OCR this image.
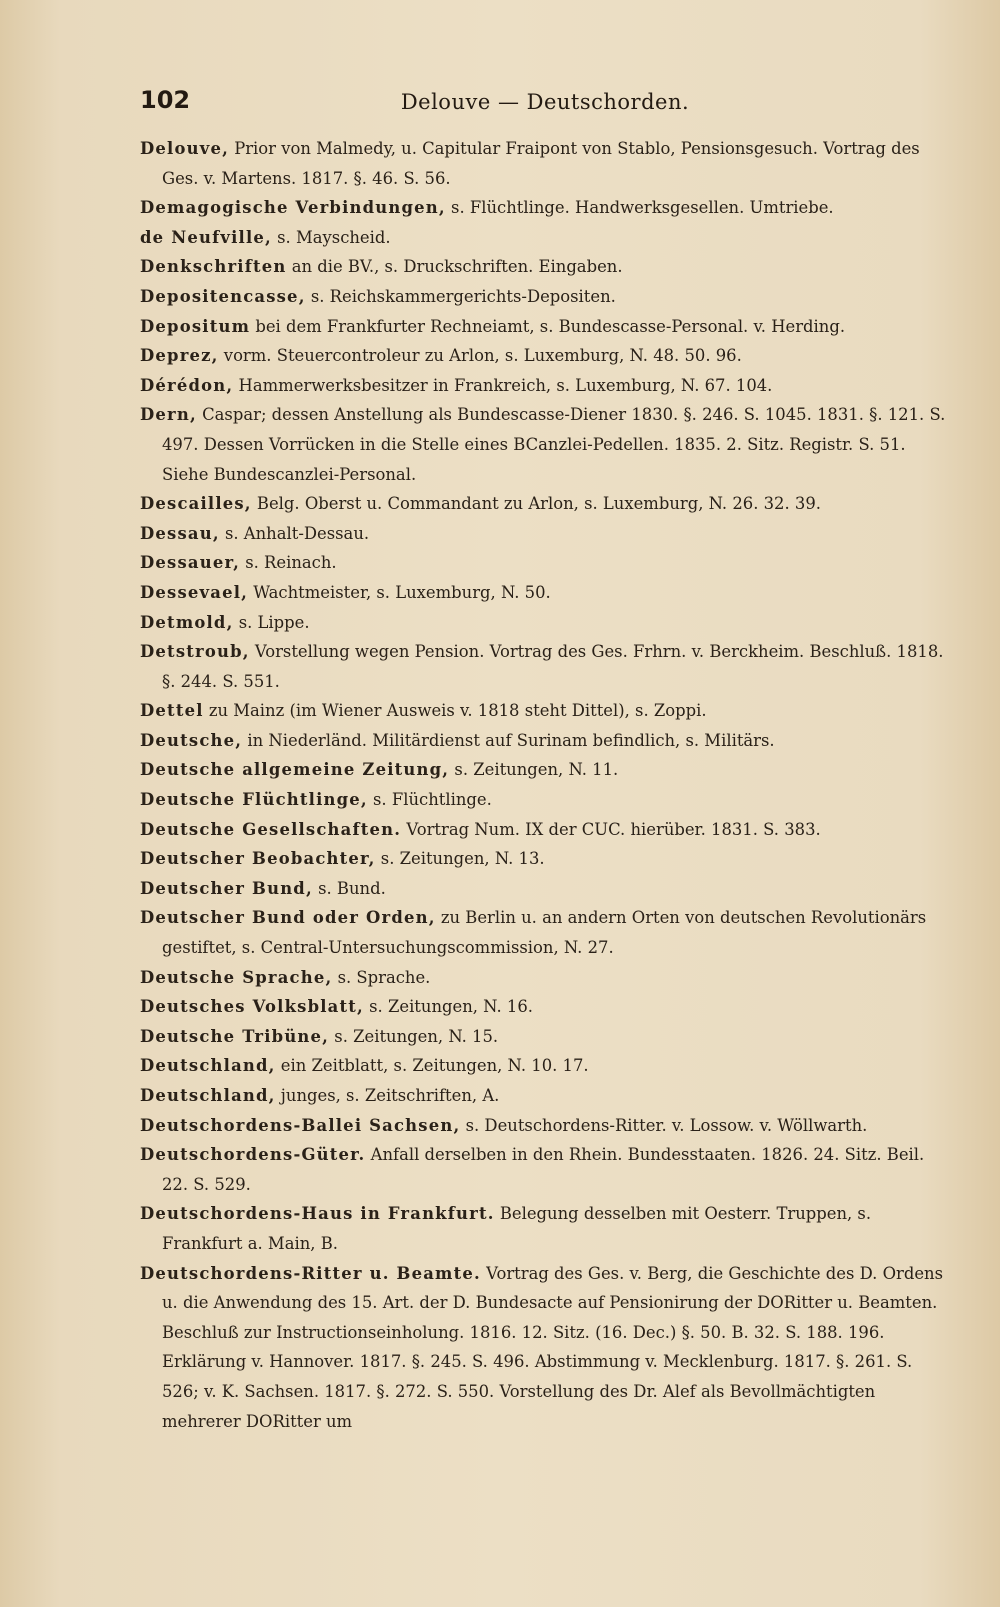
102	Delouve — Deutschorden.
Delouve, Prior von Malmedy, u. Capitular Fraipont von Stablo, Pensionsgesuch. Vortrag des Ges. v. Martens. 1817. §. 46. S. 56.
Demagogische Verbindungen, s. Flüchtlinge. Handwerksgesellen. Umtriebe.
de Neufville, s. Mayscheid.
Denkschriften an die BV., s. Druckschriften. Eingaben.
Depositencasse, s. Reichskammergerichts-Depositen.
Depositum bei dem Frankfurter Rechneiamt, s. Bundescasse-Personal. v. Herding.
Deprez, vorm. Steuercontroleur zu Arlon, s. Luxemburg, N. 48. 50. 96.
Dérédon, Hammerwerksbesitzer in Frankreich, s. Luxemburg, N. 67. 104.
Dern, Caspar; dessen Anstellung als Bundescasse-Diener 1830. §. 246. S. 1045. 1831. §. 121. S. 497. Dessen Vorrücken in die Stelle eines BCanzlei-Pedellen. 1835. 2. Sitz. Registr. S. 51. Siehe Bundescanzlei-Personal.
Descailles, Belg. Oberst u. Commandant zu Arlon, s. Luxemburg, N. 26. 32. 39.
Dessau, s. Anhalt-Dessau.
Dessauer, s. Reinach.
Dessevael, Wachtmeister, s. Luxemburg, N. 50.
Detmold, s. Lippe.
Detstroub, Vorstellung wegen Pension. Vortrag des Ges. Frhrn. v. Berckheim. Beschluß. 1818. §. 244. S. 551.
Dettel zu Mainz (im Wiener Ausweis v. 1818 steht Dittel), s. Zoppi.
Deutsche, in Niederländ. Militärdienst auf Surinam befindlich, s. Militärs.
Deutsche allgemeine Zeitung, s. Zeitungen, N. 11.
Deutsche Flüchtlinge, s. Flüchtlinge.
Deutsche Gesellschaften. Vortrag Num. IX der CUC. hierüber. 1831. S. 383.
Deutscher Beobachter, s. Zeitungen, N. 13.
Deutscher Bund, s. Bund.
Deutscher Bund oder Orden, zu Berlin u. an andern Orten von deutschen Revolutionärs gestiftet, s. Central-Untersuchungscommission, N. 27.
Deutsche Sprache, s. Sprache.
Deutsches Volksblatt, s. Zeitungen, N. 16.
Deutsche Tribüne, s. Zeitungen, N. 15.
Deutschland, ein Zeitblatt, s. Zeitungen, N. 10. 17.
Deutschland, junges, s. Zeitschriften, A.
Deutschordens-Ballei Sachsen, s. Deutschordens-Ritter. v. Lossow. v. Wöllwarth.
Deutschordens-Güter. Anfall derselben in den Rhein. Bundesstaaten. 1826. 24. Sitz. Beil. 22. S. 529.
Deutschordens-Haus in Frankfurt. Belegung desselben mit Oesterr. Truppen, s. Frankfurt a. Main, B.
Deutschordens-Ritter u. Beamte. Vortrag des Ges. v. Berg, die Geschichte des D. Ordens u. die Anwendung des 15. Art. der D. Bundesacte auf Pensionirung der DORitter u. Beamten. Beschluß zur Instructionseinholung. 1816. 12. Sitz. (16. Dec.) §. 50. B. 32. S. 188. 196. Erklärung v. Hannover. 1817. §. 245. S. 496. Abstimmung v. Mecklenburg. 1817. §. 261. S. 526; v. K. Sachsen. 1817. §. 272. S. 550. Vorstellung des Dr. Alef als Bevollmächtigten mehrerer DORitter um
